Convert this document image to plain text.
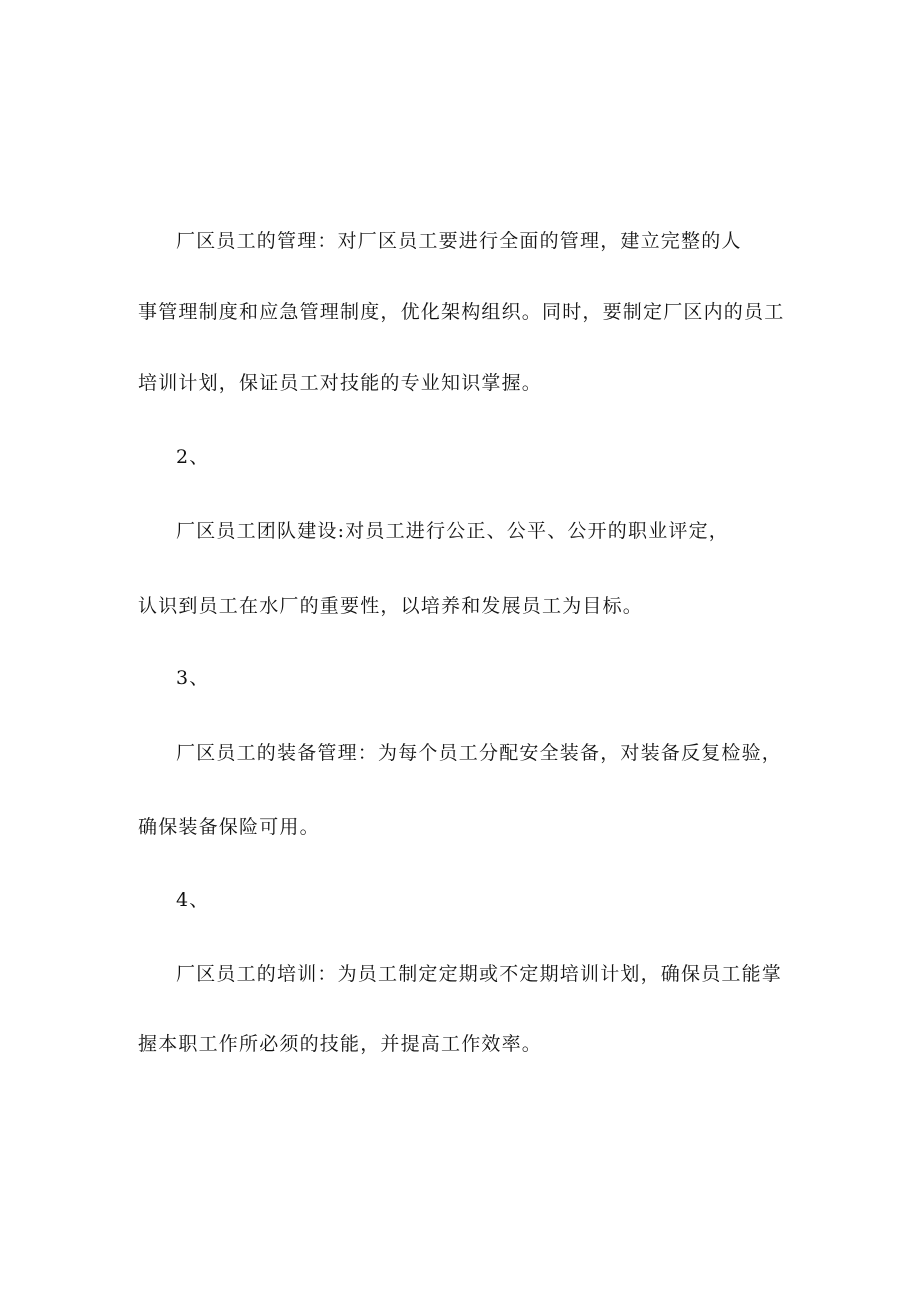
厂区员工的管理：对厂区员工要进行全面的管理，建立完整的人
事管理制度和应急管理制度，优化架构组织。同时，要制定厂区内的员工
培训计划，保证员工对技能的专业知识掌握。
2、
厂区员工团队建设:对员工进行公正、公平、公开的职业评定，
认识到员工在水厂的重要性，以培养和发展员工为目标。
3、
厂区员工的装备管理：为每个员工分配安全装备，对装备反复检验，
确保装备保险可用。
4、
厂区员工的培训：为员工制定定期或不定期培训计划，确保员工能掌
握本职工作所必须的技能，并提高工作效率。
